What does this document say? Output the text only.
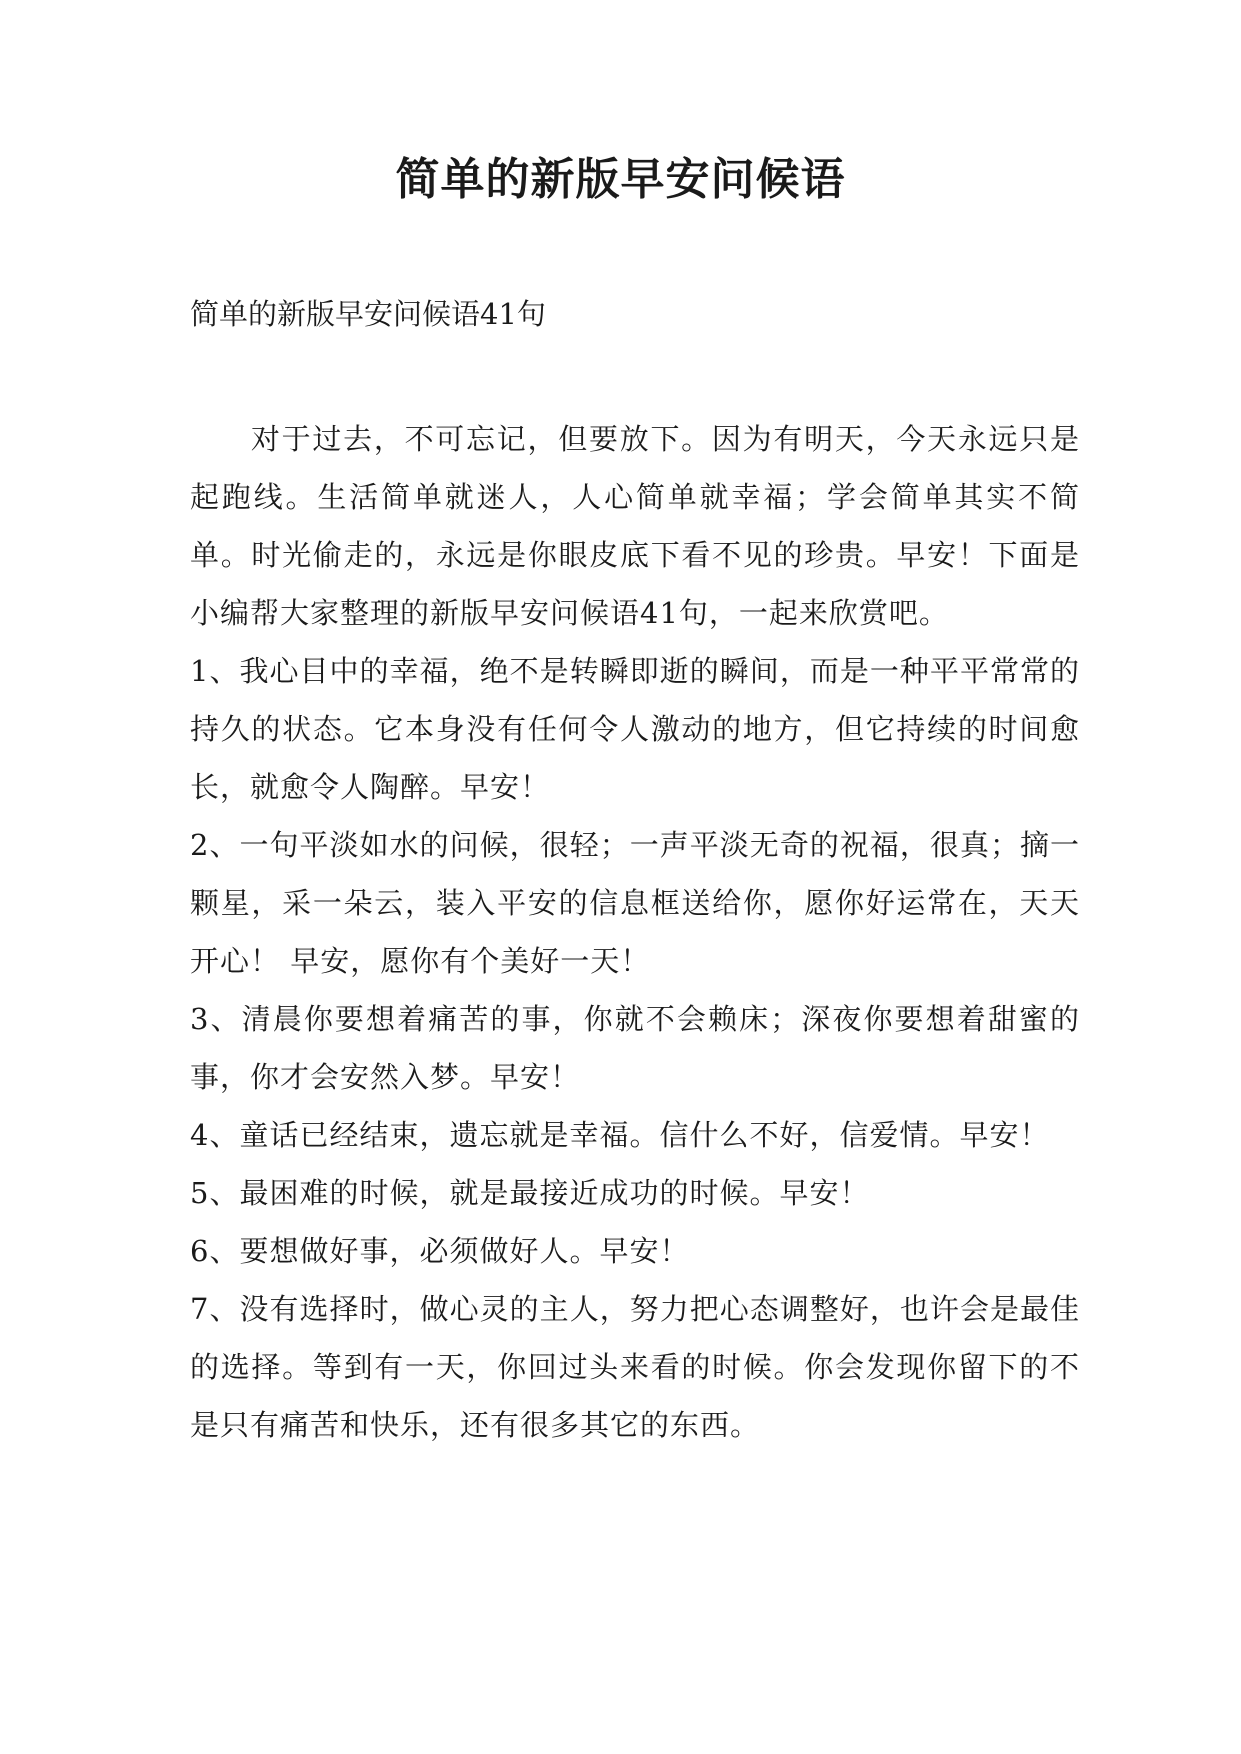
简单的新版早安问候语

简单的新版早安问候语41句

对于过去，不可忘记，但要放下。因为有明天，今天永远只是起跑线。生活简单就迷人，人心简单就幸福；学会简单其实不简单。时光偷走的，永远是你眼皮底下看不见的珍贵。早安！下面是小编帮大家整理的新版早安问候语41句，一起来欣赏吧。

1、我心目中的幸福，绝不是转瞬即逝的瞬间，而是一种平平常常的持久的状态。它本身没有任何令人激动的地方，但它持续的时间愈长，就愈令人陶醉。早安！

2、一句平淡如水的问候，很轻；一声平淡无奇的祝福，很真；摘一颗星，采一朵云，装入平安的信息框送给你，愿你好运常在，天天开心！ 早安，愿你有个美好一天！

3、清晨你要想着痛苦的事，你就不会赖床；深夜你要想着甜蜜的事，你才会安然入梦。早安！

4、童话已经结束，遗忘就是幸福。信什么不好，信爱情。早安！

5、最困难的时候，就是最接近成功的时候。早安！

6、要想做好事，必须做好人。早安！

7、没有选择时，做心灵的主人，努力把心态调整好，也许会是最佳的选择。等到有一天，你回过头来看的时候。你会发现你留下的不是只有痛苦和快乐，还有很多其它的东西。
